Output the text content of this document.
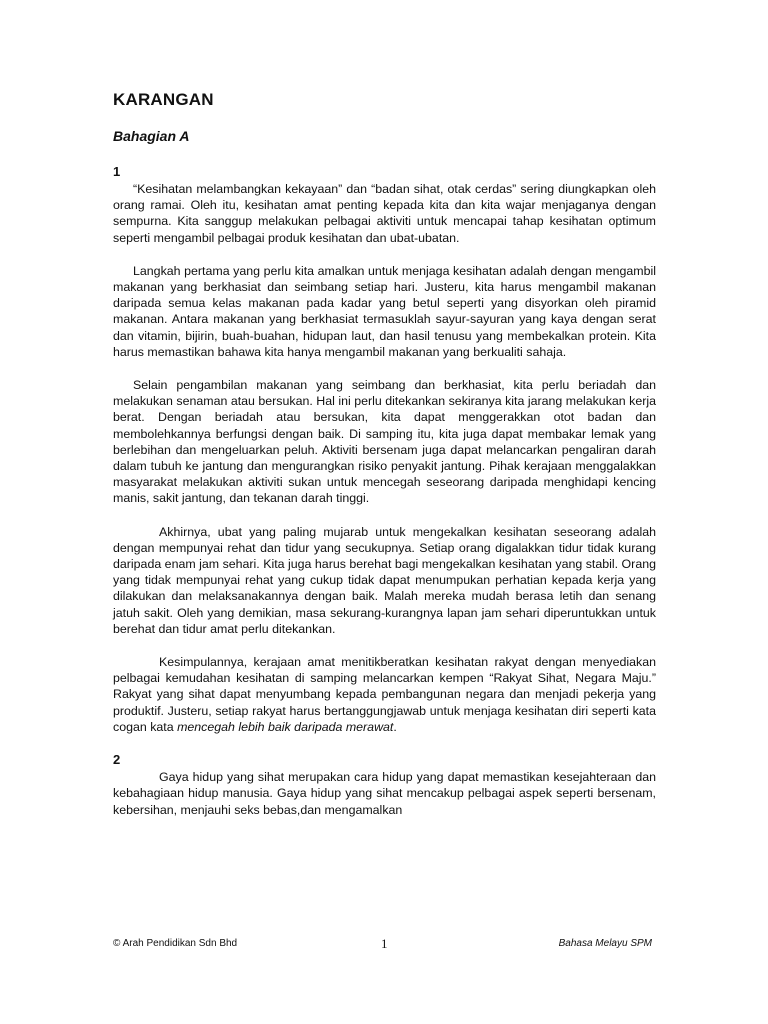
KARANGAN
Bahagian A
1

“Kesihatan melambangkan kekayaan” dan “badan sihat, otak cerdas” sering diungkapkan oleh orang ramai. Oleh itu, kesihatan amat penting kepada kita dan kita wajar menjaganya dengan sempurna. Kita sanggup melakukan pelbagai aktiviti untuk mencapai tahap kesihatan optimum seperti mengambil pelbagai produk kesihatan dan ubat-ubatan.

Langkah pertama yang perlu kita amalkan untuk menjaga kesihatan adalah dengan mengambil makanan yang berkhasiat dan seimbang setiap hari. Justeru, kita harus mengambil makanan daripada semua kelas makanan pada kadar yang betul seperti yang disyorkan oleh piramid makanan. Antara makanan yang berkhasiat termasuklah sayur-sayuran yang kaya dengan serat dan vitamin, bijirin, buah-buahan, hidupan laut, dan hasil tenusu yang membekalkan protein. Kita harus memastikan bahawa kita hanya mengambil makanan yang berkualiti sahaja.

Selain pengambilan makanan yang seimbang dan berkhasiat, kita perlu beriadah dan melakukan senaman atau bersukan. Hal ini perlu ditekankan sekiranya kita jarang melakukan kerja berat. Dengan beriadah atau bersukan, kita dapat menggerakkan otot badan dan membolehkannya berfungsi dengan baik. Di samping itu, kita juga dapat membakar lemak yang berlebihan dan mengeluarkan peluh. Aktiviti bersenam juga dapat melancarkan pengaliran darah dalam tubuh ke jantung dan mengurangkan risiko penyakit jantung. Pihak kerajaan menggalakkan masyarakat melakukan aktiviti sukan untuk mencegah seseorang daripada menghidapi kencing manis, sakit jantung, dan tekanan darah tinggi.

Akhirnya, ubat yang paling mujarab untuk mengekalkan kesihatan seseorang adalah dengan mempunyai rehat dan tidur yang secukupnya. Setiap orang digalakkan tidur tidak kurang daripada enam jam sehari. Kita juga harus berehat bagi mengekalkan kesihatan yang stabil. Orang yang tidak mempunyai rehat yang cukup tidak dapat menumpukan perhatian kepada kerja yang dilakukan dan melaksanakannya dengan baik. Malah mereka mudah berasa letih dan senang jatuh sakit. Oleh yang demikian, masa sekurang-kurangnya lapan jam sehari diperuntukkan untuk berehat dan tidur amat perlu ditekankan.

Kesimpulannya, kerajaan amat menitikberatkan kesihatan rakyat dengan menyediakan pelbagai kemudahan kesihatan di samping melancarkan kempen “Rakyat Sihat, Negara Maju.” Rakyat yang sihat dapat menyumbang kepada pembangunan negara dan menjadi pekerja yang produktif. Justeru, setiap rakyat harus bertanggungjawab untuk menjaga kesihatan diri seperti kata cogan kata mencegah lebih baik daripada merawat.

2

Gaya hidup yang sihat merupakan cara hidup yang dapat memastikan kesejahteraan dan kebahagiaan hidup manusia. Gaya hidup yang sihat mencakup pelbagai aspek seperti bersenam, kebersihan, menjauhi seks bebas,dan mengamalkan

© Arah Pendidikan Sdn Bhd	1	Bahasa Melayu SPM
